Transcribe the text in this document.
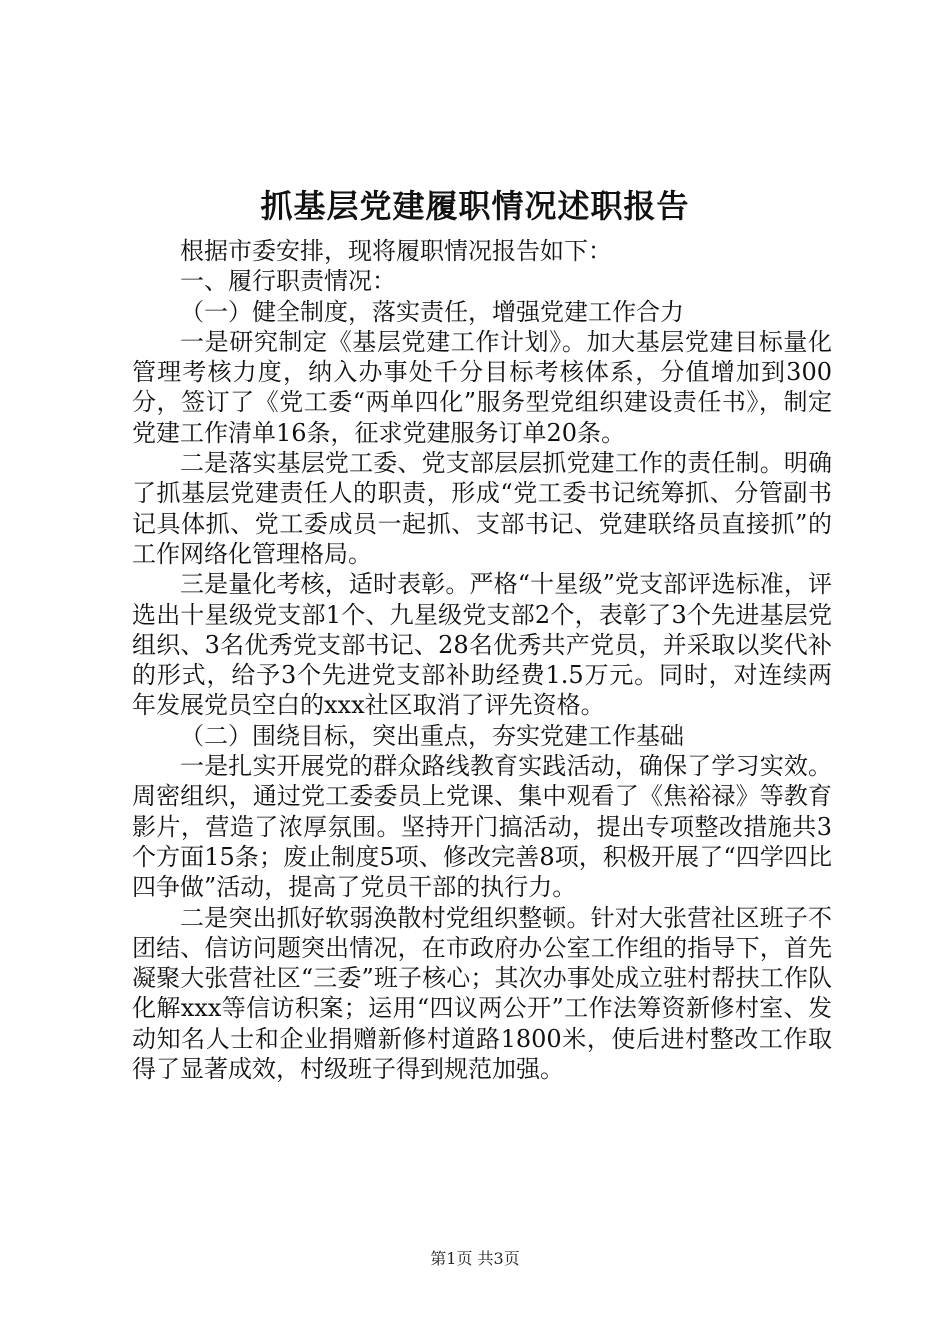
抓基层党建履职情况述职报告

根据市委安排，现将履职情况报告如下：

一、履行职责情况：

（一）健全制度，落实责任，增强党建工作合力

一是研究制定《基层党建工作计划》。加大基层党建目标量化管理考核力度，纳入办事处千分目标考核体系，分值增加到300分，签订了《党工委“两单四化”服务型党组织建设责任书》，制定党建工作清单16条，征求党建服务订单20条。

二是落实基层党工委、党支部层层抓党建工作的责任制。明确了抓基层党建责任人的职责，形成“党工委书记统筹抓、分管副书记具体抓、党工委成员一起抓、支部书记、党建联络员直接抓”的工作网络化管理格局。

三是量化考核，适时表彰。严格“十星级”党支部评选标准，评选出十星级党支部1个、九星级党支部2个，表彰了3个先进基层党组织、3名优秀党支部书记、28名优秀共产党员，并采取以奖代补的形式，给予3个先进党支部补助经费1.5万元。同时，对连续两年发展党员空白的xxx社区取消了评先资格。

（二）围绕目标，突出重点，夯实党建工作基础

一是扎实开展党的群众路线教育实践活动，确保了学习实效。周密组织，通过党工委委员上党课、集中观看了《焦裕禄》等教育影片，营造了浓厚氛围。坚持开门搞活动，提出专项整改措施共3个方面15条；废止制度5项、修改完善8项，积极开展了“四学四比四争做”活动，提高了党员干部的执行力。

二是突出抓好软弱涣散村党组织整顿。针对大张营社区班子不团结、信访问题突出情况，在市政府办公室工作组的指导下，首先凝聚大张营社区“三委”班子核心；其次办事处成立驻村帮扶工作队化解xxx等信访积案；运用“四议两公开”工作法筹资新修村室、发动知名人士和企业捐赠新修村道路1800米，使后进村整改工作取得了显著成效，村级班子得到规范加强。

第1页 共3页
